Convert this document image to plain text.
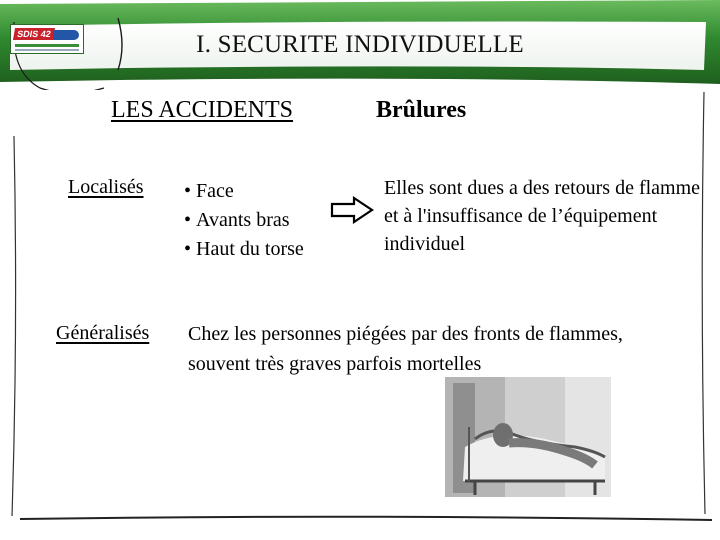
SDIS 42	I. SECURITE INDIVIDUELLE
LES ACCIDENTS	Brûlures
Localisés
•	Face
• Avants bras
• Haut du torse
Elles sont dues a des retours de flamme et à l'insuffisance de l’équipement individuel
Généralisés Chez les personnes piégées par des fronts de flammes, souvent très graves parfois mortelles
